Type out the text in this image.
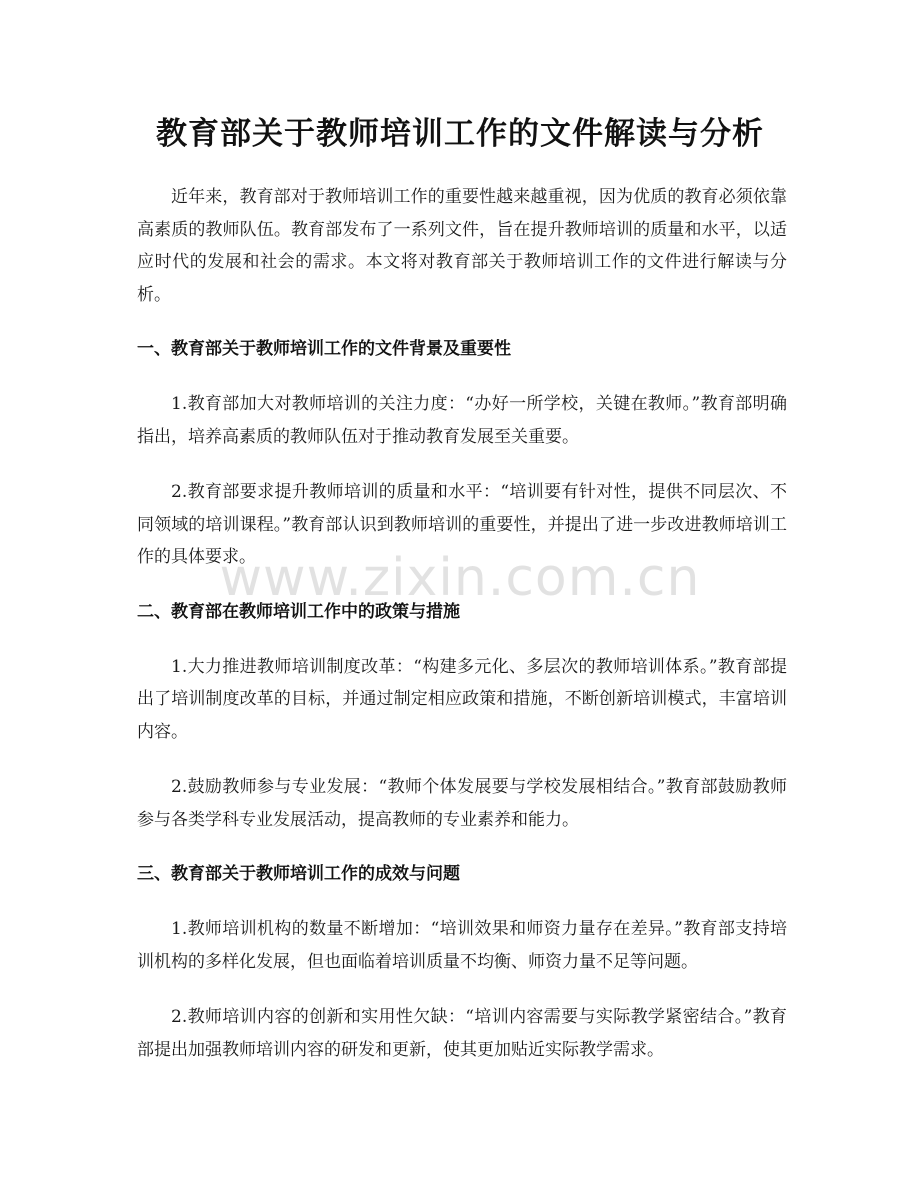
教育部关于教师培训工作的文件解读与分析

近年来，教育部对于教师培训工作的重要性越来越重视，因为优质的教育必须依靠高素质的教师队伍。教育部发布了一系列文件，旨在提升教师培训的质量和水平，以适应时代的发展和社会的需求。本文将对教育部关于教师培训工作的文件进行解读与分析。

一、教育部关于教师培训工作的文件背景及重要性

1.教育部加大对教师培训的关注力度：“办好一所学校，关键在教师。”教育部明确指出，培养高素质的教师队伍对于推动教育发展至关重要。

2.教育部要求提升教师培训的质量和水平：“培训要有针对性，提供不同层次、不同领域的培训课程。”教育部认识到教师培训的重要性，并提出了进一步改进教师培训工作的具体要求。

二、教育部在教师培训工作中的政策与措施

1.大力推进教师培训制度改革：“构建多元化、多层次的教师培训体系。”教育部提出了培训制度改革的目标，并通过制定相应政策和措施，不断创新培训模式，丰富培训内容。

2.鼓励教师参与专业发展：“教师个体发展要与学校发展相结合。”教育部鼓励教师参与各类学科专业发展活动，提高教师的专业素养和能力。

三、教育部关于教师培训工作的成效与问题

1.教师培训机构的数量不断增加：“培训效果和师资力量存在差异。”教育部支持培训机构的多样化发展，但也面临着培训质量不均衡、师资力量不足等问题。

2.教师培训内容的创新和实用性欠缺：“培训内容需要与实际教学紧密结合。”教育部提出加强教师培训内容的研发和更新，使其更加贴近实际教学需求。

www.zixin.com.cn
